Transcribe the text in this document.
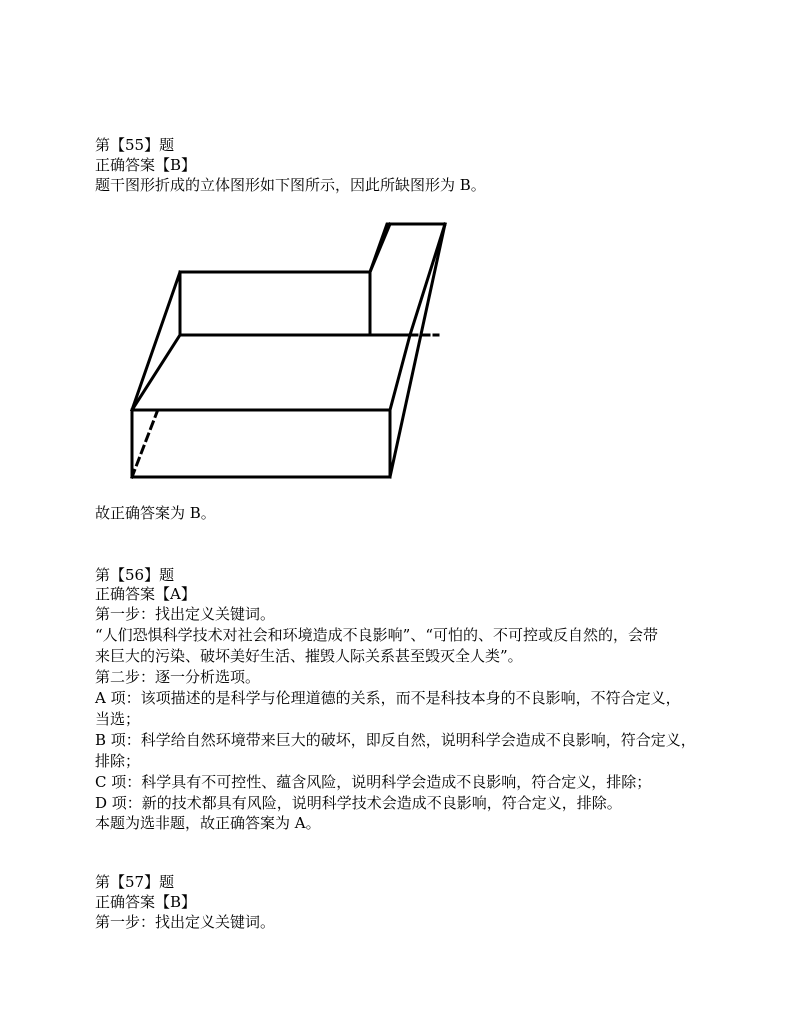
第【55】题
正确答案【B】
题干图形折成的立体图形如下图所示，因此所缺图形为 B。
故正确答案为 B。
第【56】题
正确答案【A】
第一步：找出定义关键词。
“人们恐惧科学技术对社会和环境造成不良影响”、“可怕的、不可控或反自然的，会带
来巨大的污染、破坏美好生活、摧毁人际关系甚至毁灭全人类”。
第二步：逐一分析选项。
A 项：该项描述的是科学与伦理道德的关系，而不是科技本身的不良影响，不符合定义，
当选；
B 项：科学给自然环境带来巨大的破坏，即反自然，说明科学会造成不良影响，符合定义，
排除；
C 项：科学具有不可控性、蕴含风险，说明科学会造成不良影响，符合定义，排除；
D 项：新的技术都具有风险，说明科学技术会造成不良影响，符合定义，排除。
本题为选非题，故正确答案为 A。
第【57】题
正确答案【B】
第一步：找出定义关键词。
